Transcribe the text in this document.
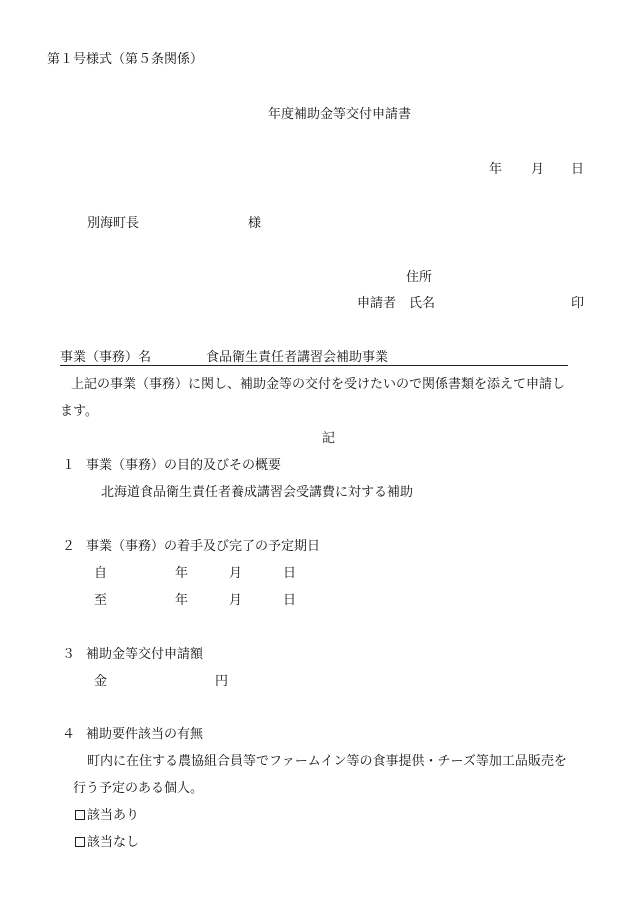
第１号様式（第５条関係）
年度補助金等交付申請書
年 月 日
別海町長	様
住所
申請者 氏名	印
事業（事務）名	食品衛生責任者講習会補助事業
上記の事業（事務）に関し、補助金等の交付を受けたいので関係書類を添えて申請し
ます。
記
１ 事業（事務）の目的及びその概要
北海道食品衛生責任者養成講習会受講費に対する補助
２ 事業（事務）の着手及び完了の予定期日
自	年	月	日
至	年	月	日
３ 補助金等交付申請額
金	円
４ 補助要件該当の有無
町内に在住する農協組合員等でファームイン等の食事提供・チーズ等加工品販売を
行う予定のある個人。
該当あり
該当なし
